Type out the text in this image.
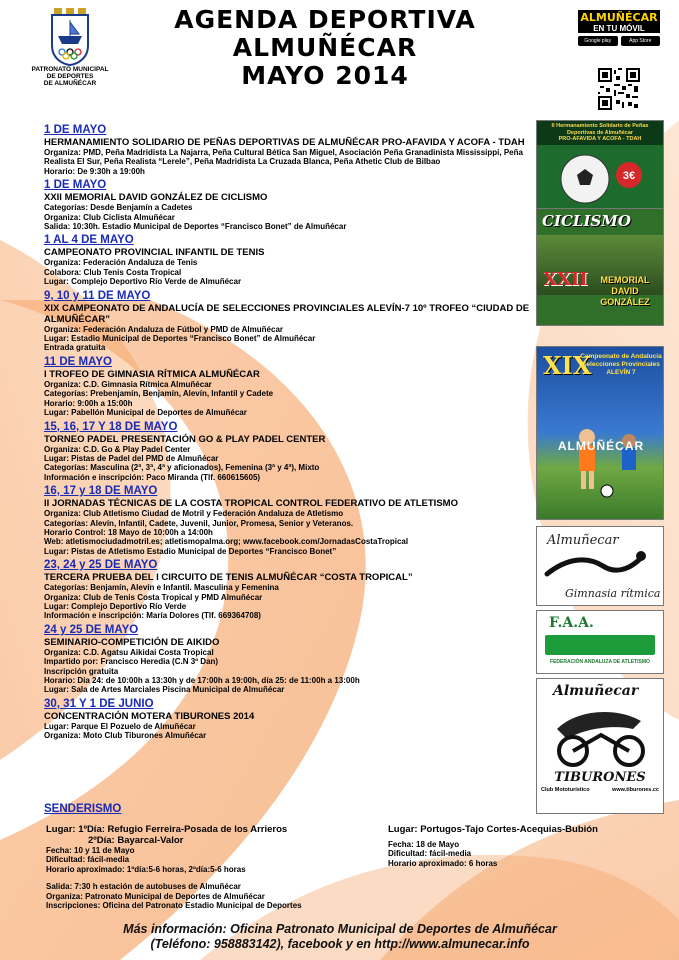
PATRONATO MUNICIPAL
DE DEPORTES
DE ALMUÑÉCAR
AGENDA DEPORTIVA
ALMUÑÉCAR
MAYO 2014
ALMUÑÉCAR
EN TU MÓVIL
Google play	App Store
1 DE MAYO
HERMANAMIENTO SOLIDARIO DE PEÑAS DEPORTIVAS DE ALMUÑÉCAR PRO-AFAVIDA Y ACOFA - TDAH
Organiza: PMD, Peña Madridista La Najarra, Peña Cultural Bética San Miguel, Asociación Peña Granadinista Mississippi, Peña Realista El Sur, Peña Realista “Lerele”, Peña Madridista La Cruzada Blanca, Peña Athetic Club de Bilbao
Horario: De 9:30h a 19:00h
1 DE MAYO
XXII MEMORIAL DAVID GONZÁLEZ DE CICLISMO
Categorías: Desde Benjamín a Cadetes
Organiza: Club Ciclista Almuñécar
Salida: 10:30h. Estadio Municipal de Deportes “Francisco Bonet” de Almuñécar
1 AL 4 DE MAYO
CAMPEONATO PROVINCIAL INFANTIL DE TENIS
Organiza: Federación Andaluza de Tenis
Colabora: Club Tenis Costa Tropical
Lugar: Complejo Deportivo Río Verde de Almuñécar
9, 10 y 11 DE MAYO
XIX CAMPEONATO DE ANDALUCÍA DE SELECCIONES PROVINCIALES ALEVÍN-7 10º TROFEO “CIUDAD DE ALMUÑÉCAR”
Organiza: Federación Andaluza de Fútbol y PMD de Almuñécar
Lugar: Estadio Municipal de Deportes “Francisco Bonet” de Almuñécar
Entrada gratuita
11 DE MAYO
I TROFEO DE GIMNASIA RÍTMICA ALMUÑÉCAR
Organiza: C.D. Gimnasia Rítmica Almuñécar
Categorías: Prebenjamín, Benjamín, Alevín, Infantil y Cadete
Horario: 9:00h a 15:00h
Lugar: Pabellón Municipal de Deportes de Almuñécar
15, 16, 17 Y 18 DE MAYO
TORNEO PADEL PRESENTACIÓN GO & PLAY PADEL CENTER
Organiza: C.D. Go & Play Padel Center
Lugar: Pistas de Padel del PMD de Almuñécar
Categorías: Masculina (2ª, 3ª, 4ª y aficionados), Femenina (3ª y 4ª), Mixto
Información e inscripción: Paco Miranda (Tlf. 660615605)
16, 17 y 18 DE MAYO
II JORNADAS TÉCNICAS DE LA COSTA TROPICAL CONTROL FEDERATIVO DE ATLETISMO
Organiza: Club Atletismo Ciudad de Motril y Federación Andaluza de Atletismo
Categorías: Alevín, Infantil, Cadete, Juvenil, Junior, Promesa, Senior y Veteranos.
Horario Control: 18 Mayo de 10:00h a 14:00h
Web: atletismociudadmotril.es; atletismopalma.org; www.facebook.com/JornadasCostaTropical
Lugar: Pistas de Atletismo Estadio Municipal de Deportes “Francisco Bonet”
23, 24 y 25 DE MAYO
TERCERA PRUEBA DEL I CIRCUITO DE TENIS ALMUÑÉCAR “COSTA TROPICAL”
Categorías: Benjamín, Alevín e Infantil. Masculina y Femenina
Organiza: Club de Tenis Costa Tropical y PMD Almuñécar
Lugar: Complejo Deportivo Río Verde
Información e inscripción: María Dolores (Tlf. 669364708)
24 y 25 DE MAYO
SEMINARIO-COMPETICIÓN DE AIKIDO
Organiza: C.D. Agatsu Aikidai Costa Tropical
Impartido por: Francisco Heredia (C.N 3º Dan)
Inscripción gratuita
Horario: Día 24: de 10:00h a 13:30h y de 17:00h a 19:00h, día 25: de 11:00h a 13:00h
Lugar: Sala de Artes Marciales Piscina Municipal de Almuñécar
30, 31 Y 1 DE JUNIO
CONCENTRACIÓN MOTERA TIBURONES 2014
Lugar: Parque El Pozuelo de Almuñécar
Organiza: Moto Club Tiburones Almuñécar
II Hermanamiento Solidario de Peñas Deportivas de Almuñécar
PRO-AFAVIDA Y ACOFA - TDAH
3€
CICLISMO
XXII	MEMORIAL DAVID GONZÁLEZ
XIX
Campeonato de Andalucía Selecciones Provinciales ALEVÍN 7
ALMUÑÉCAR
Almuñecar
Gimnasia rítmica
F.A.A.
FEDERACIÓN ANDALUZA DE ATLETISMO
Almuñecar
TIBURONES
Club Mototurístico	www.tiburones.cc
SENDERISMO
Lugar: 1ºDía: Refugio Ferreira-Posada de los Arrieros
2ºDía: Bayarcal-Valor
Fecha: 10 y 11 de Mayo
Dificultad: fácil-media
Horario aproximado: 1ºdía:5-6 horas, 2ºdía:5-6 horas
Salida: 7:30 h estación de autobuses de Almuñécar
Organiza: Patronato Municipal de Deportes de Almuñécar
Inscripciones: Oficina del Patronato Estadio Municipal de Deportes
Lugar: Portugos-Tajo Cortes-Acequias-Bubión
Fecha: 18 de Mayo
Dificultad: fácil-media
Horario aproximado: 6 horas
Más información: Oficina Patronato Municipal de Deportes de Almuñécar
(Teléfono: 958883142), facebook y en http://www.almunecar.info
